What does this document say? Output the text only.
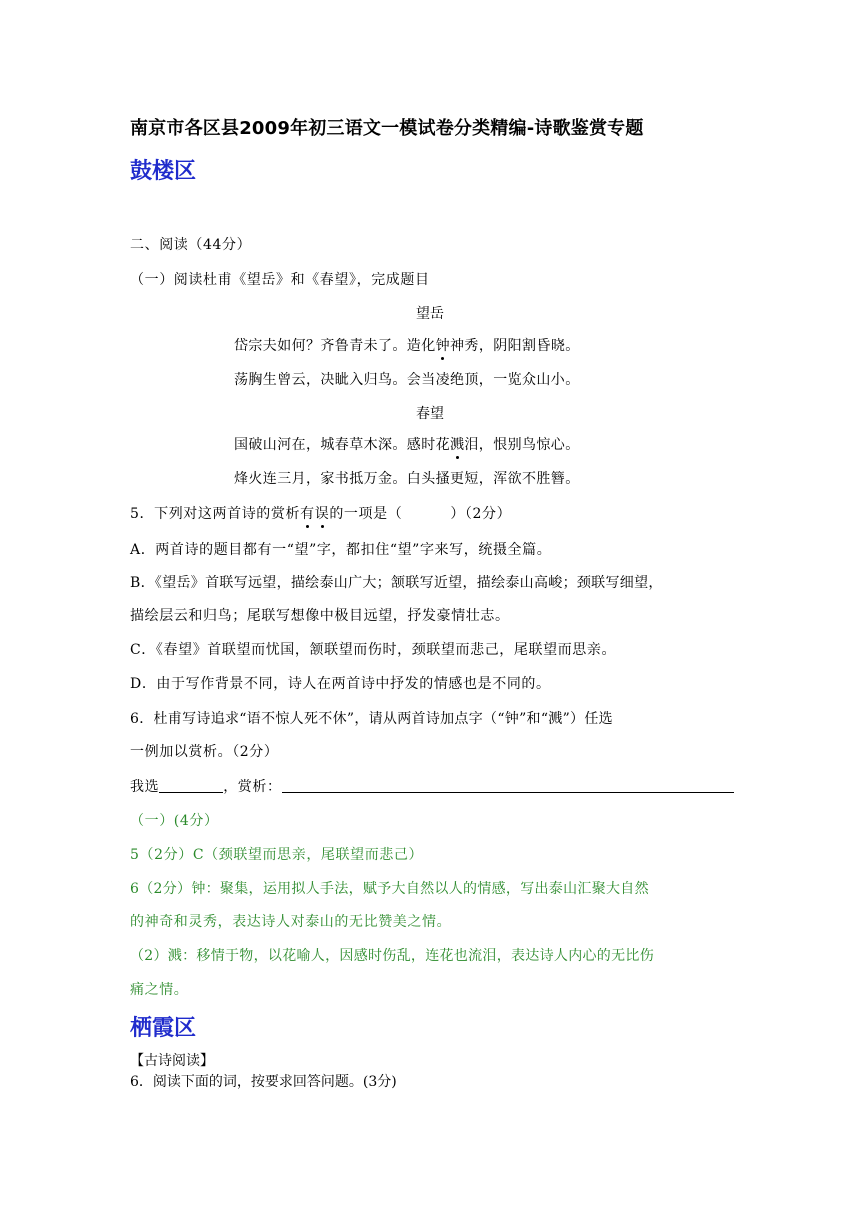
南京市各区县2009年初三语文一模试卷分类精编-诗歌鉴赏专题
鼓楼区
二、阅读（44分）
（一）阅读杜甫《望岳》和《春望》，完成题目
望岳
岱宗夫如何？齐鲁青未了。造化钟神秀，阴阳割昏晓。
荡胸生曾云，决眦入归鸟。会当凌绝顶，一览众山小。
春望
国破山河在，城春草木深。感时花溅泪，恨别鸟惊心。
烽火连三月，家书抵万金。白头搔更短，浑欲不胜簪。
5．下列对这两首诗的赏析有误的一项是（	）（2分）
A．两首诗的题目都有一“望”字，都扣住“望”字来写，统摄全篇。
B．《望岳》首联写远望，描绘泰山广大；颔联写近望，描绘泰山高峻；颈联写细望，
描绘层云和归鸟；尾联写想像中极目远望，抒发豪情壮志。
C．《春望》首联望而忧国，颔联望而伤时，颈联望而悲己，尾联望而思亲。
D．由于写作背景不同，诗人在两首诗中抒发的情感也是不同的。
6．杜甫写诗追求“语不惊人死不休”，请从两首诗加点字（“钟”和“溅”）任选
一例加以赏析。（2分）
我选	，赏析：
（一）(4分）
5（2分）C（颈联望而思亲，尾联望而悲己）
6（2分）钟：聚集，运用拟人手法，赋予大自然以人的情感，写出泰山汇聚大自然
的神奇和灵秀，表达诗人对泰山的无比赞美之情。
（2）溅：移情于物，以花喻人，因感时伤乱，连花也流泪，表达诗人内心的无比伤
痛之情。
栖霞区
【古诗阅读】
6．阅读下面的词，按要求回答问题。(3分)
